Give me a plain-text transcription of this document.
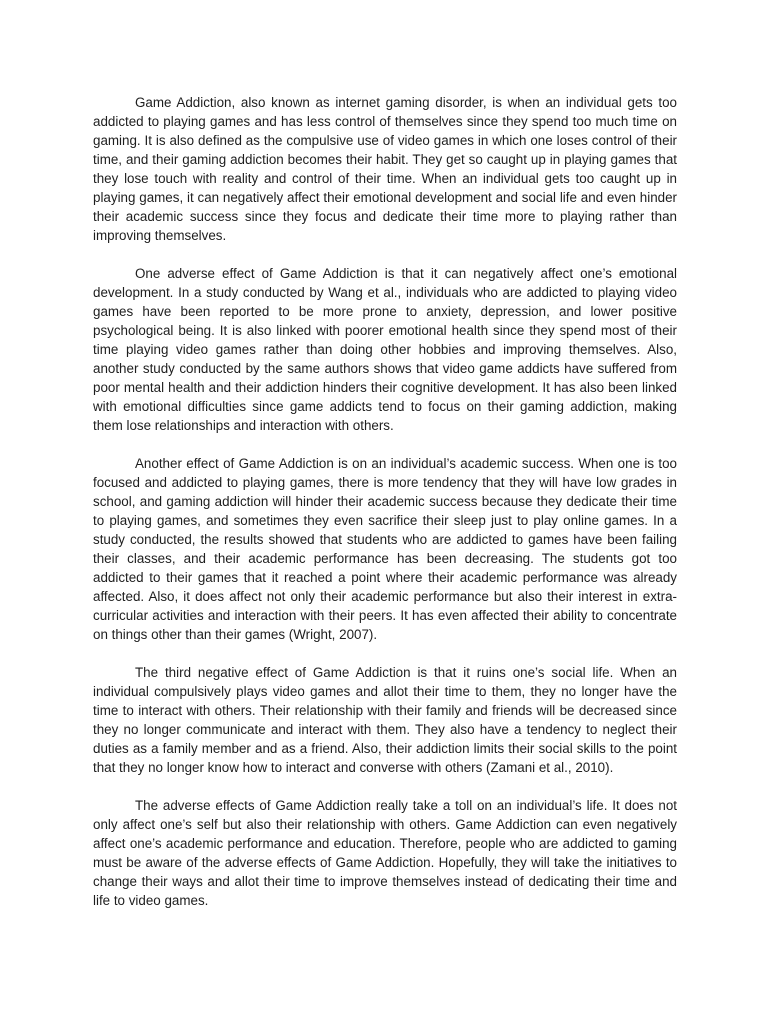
Game Addiction, also known as internet gaming disorder, is when an individual gets too addicted to playing games and has less control of themselves since they spend too much time on gaming. It is also defined as the compulsive use of video games in which one loses control of their time, and their gaming addiction becomes their habit. They get so caught up in playing games that they lose touch with reality and control of their time. When an individual gets too caught up in playing games, it can negatively affect their emotional development and social life and even hinder their academic success since they focus and dedicate their time more to playing rather than improving themselves.

One adverse effect of Game Addiction is that it can negatively affect one’s emotional development. In a study conducted by Wang et al., individuals who are addicted to playing video games have been reported to be more prone to anxiety, depression, and lower positive psychological being. It is also linked with poorer emotional health since they spend most of their time playing video games rather than doing other hobbies and improving themselves. Also, another study conducted by the same authors shows that video game addicts have suffered from poor mental health and their addiction hinders their cognitive development. It has also been linked with emotional difficulties since game addicts tend to focus on their gaming addiction, making them lose relationships and interaction with others.

Another effect of Game Addiction is on an individual’s academic success. When one is too focused and addicted to playing games, there is more tendency that they will have low grades in school, and gaming addiction will hinder their academic success because they dedicate their time to playing games, and sometimes they even sacrifice their sleep just to play online games. In a study conducted, the results showed that students who are addicted to games have been failing their classes, and their academic performance has been decreasing. The students got too addicted to their games that it reached a point where their academic performance was already affected. Also, it does affect not only their academic performance but also their interest in extra-curricular activities and interaction with their peers. It has even affected their ability to concentrate on things other than their games (Wright, 2007).

The third negative effect of Game Addiction is that it ruins one’s social life. When an individual compulsively plays video games and allot their time to them, they no longer have the time to interact with others. Their relationship with their family and friends will be decreased since they no longer communicate and interact with them. They also have a tendency to neglect their duties as a family member and as a friend. Also, their addiction limits their social skills to the point that they no longer know how to interact and converse with others (Zamani et al., 2010).

The adverse effects of Game Addiction really take a toll on an individual’s life. It does not only affect one’s self but also their relationship with others. Game Addiction can even negatively affect one’s academic performance and education. Therefore, people who are addicted to gaming must be aware of the adverse effects of Game Addiction. Hopefully, they will take the initiatives to change their ways and allot their time to improve themselves instead of dedicating their time and life to video games.
